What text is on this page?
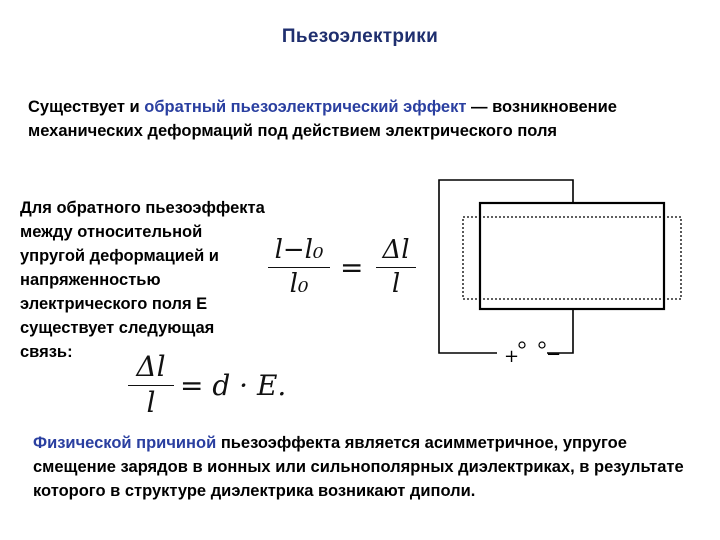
Пьезоэлектрики
Существует и обратный пьезоэлектрический эффект — возникновение механических деформаций под действием электрического поля
Для обратного пьезоэффекта между относительной упругой деформацией и напряженностью электрического поля E существует следующая связь:
l−l₀
l₀
=
Δl
l
Δl
l
= d · E.
+ −
Физической причиной пьезоэффекта является асимметричное, упругое смещение зарядов в ионных или сильнополярных диэлектриках, в результате которого в структуре диэлектрика возникают диполи.
